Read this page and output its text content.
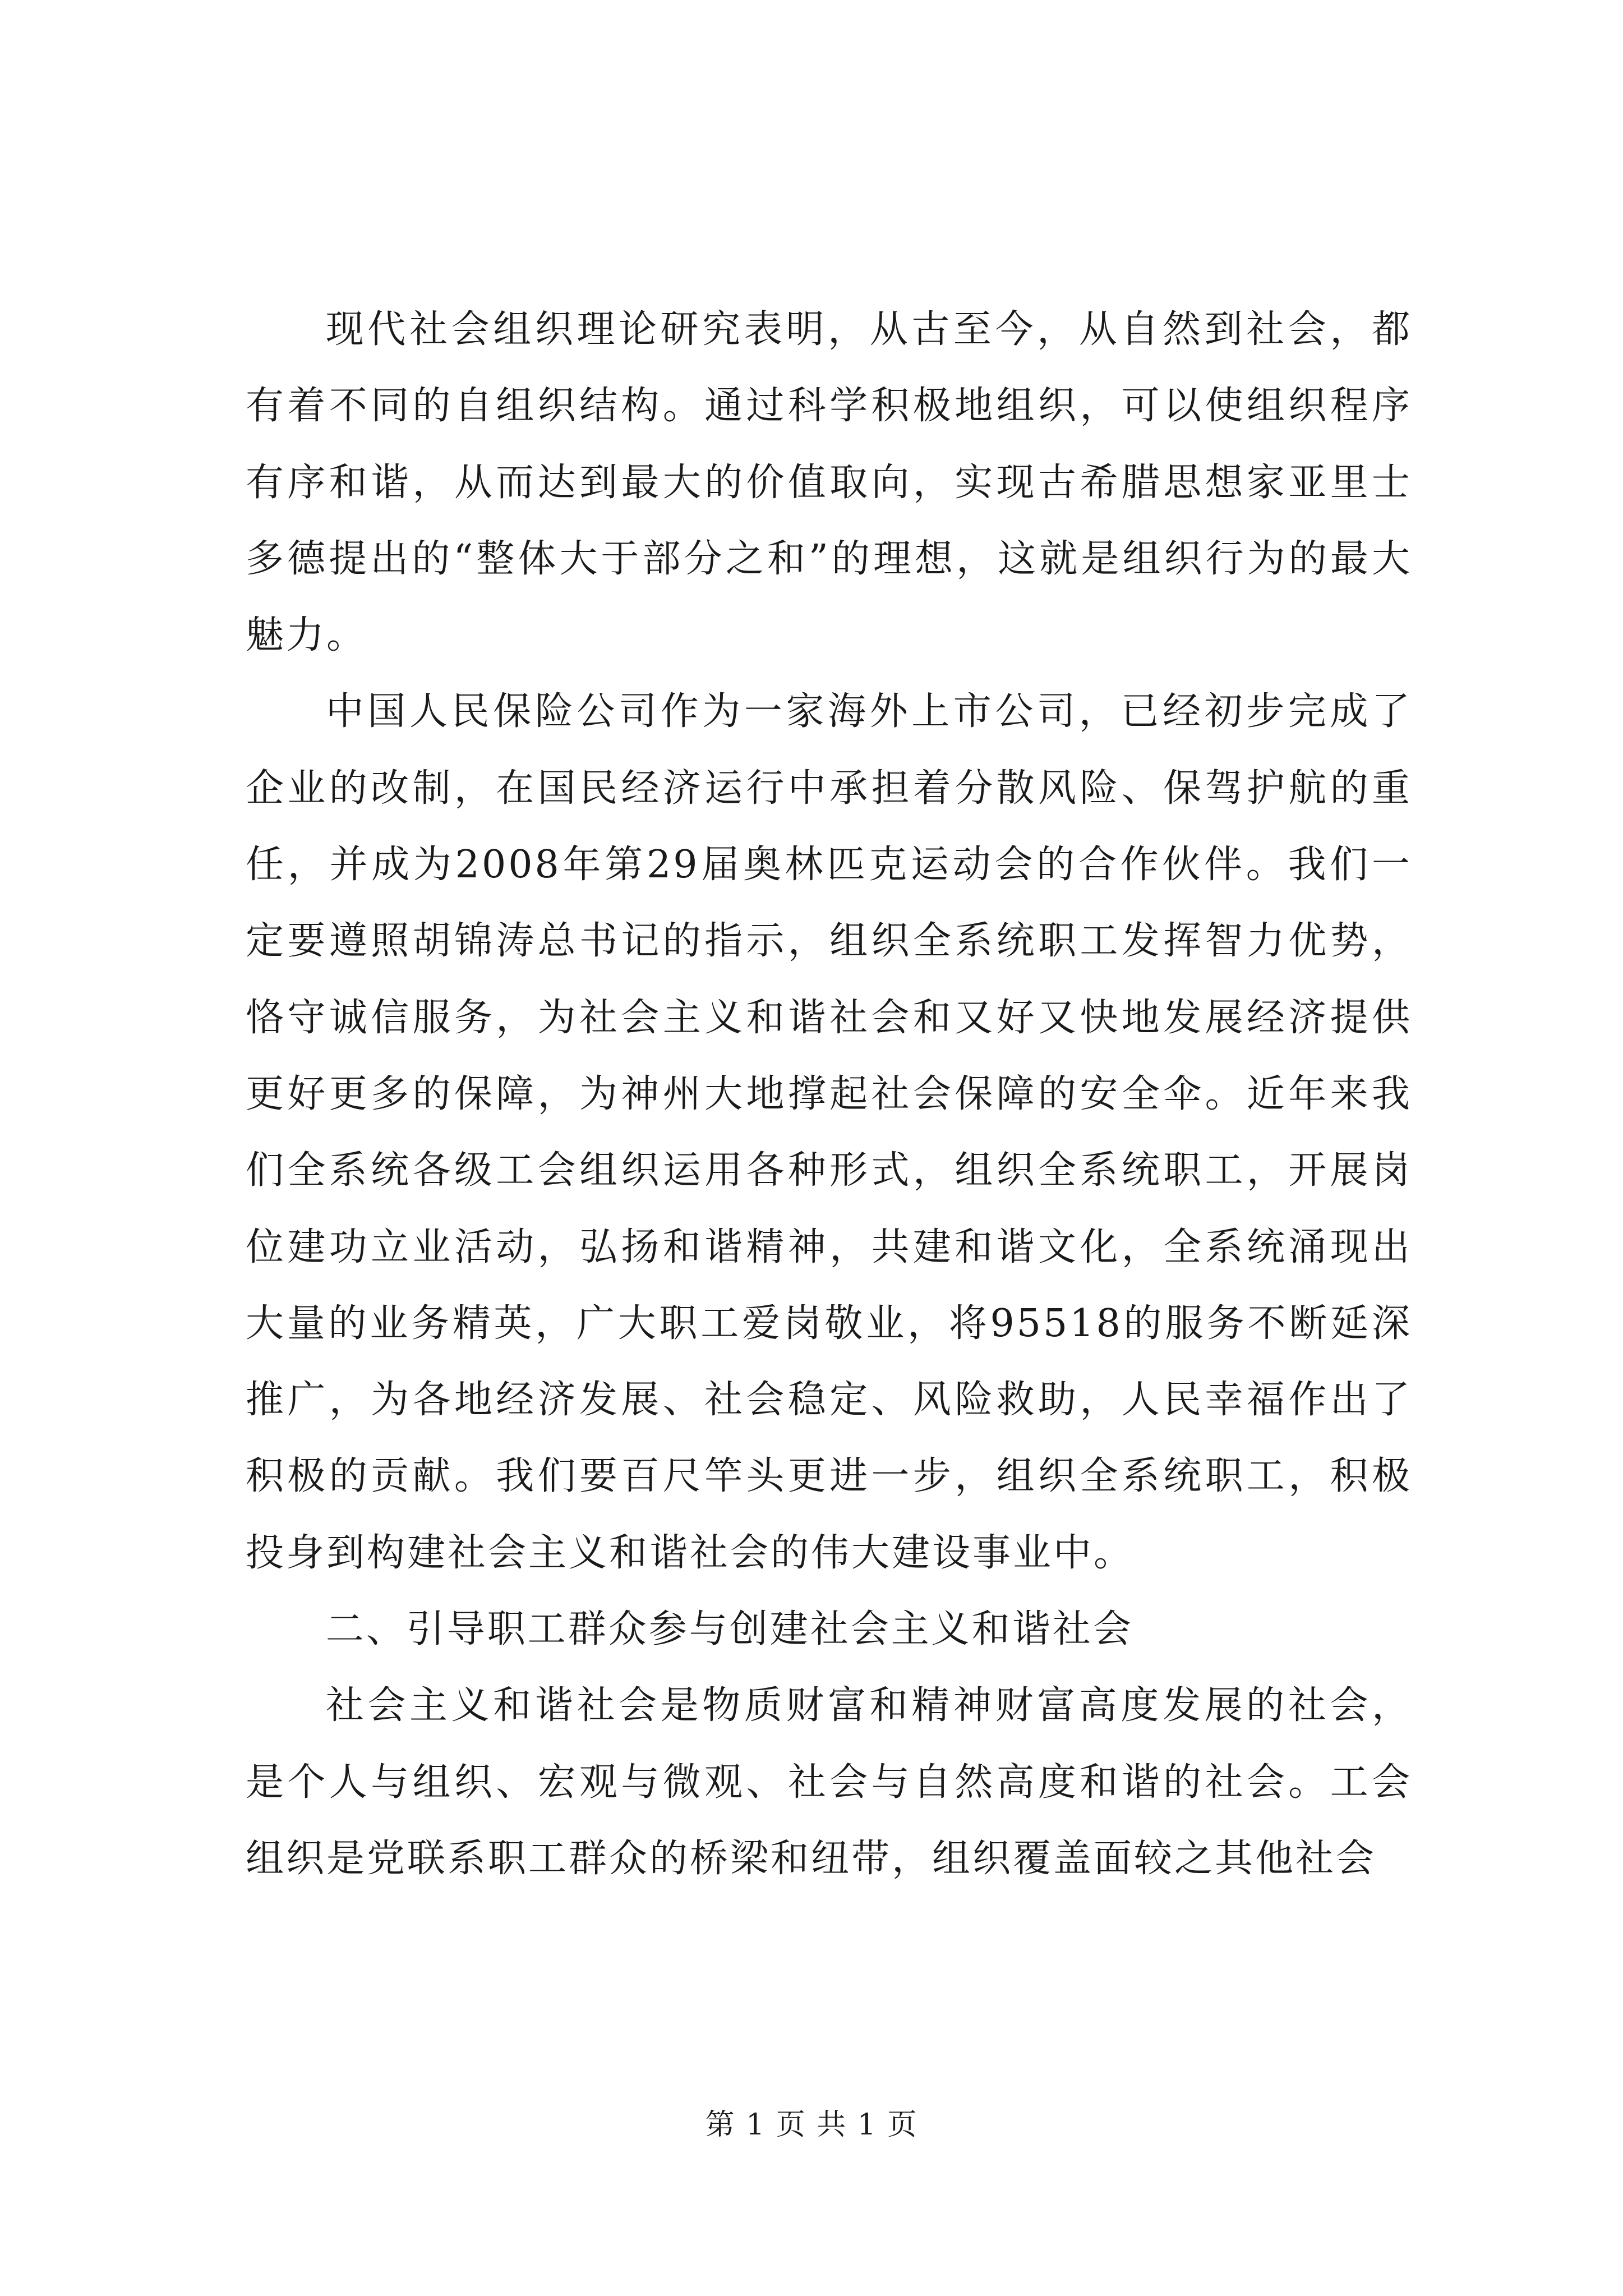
现代社会组织理论研究表明，从古至今，从自然到社会，都有着不同的自组织结构。通过科学积极地组织，可以使组织程序有序和谐，从而达到最大的价值取向，实现古希腊思想家亚里士多德提出的“整体大于部分之和”的理想，这就是组织行为的最大魅力。

中国人民保险公司作为一家海外上市公司，已经初步完成了企业的改制，在国民经济运行中承担着分散风险、保驾护航的重任，并成为2008年第29届奥林匹克运动会的合作伙伴。我们一定要遵照胡锦涛总书记的指示，组织全系统职工发挥智力优势，恪守诚信服务，为社会主义和谐社会和又好又快地发展经济提供更好更多的保障，为神州大地撑起社会保障的安全伞。近年来我们全系统各级工会组织运用各种形式，组织全系统职工，开展岗位建功立业活动，弘扬和谐精神，共建和谐文化，全系统涌现出大量的业务精英，广大职工爱岗敬业，将95518的服务不断延深推广，为各地经济发展、社会稳定、风险救助，人民幸福作出了积极的贡献。我们要百尺竿头更进一步，组织全系统职工，积极投身到构建社会主义和谐社会的伟大建设事业中。

二、引导职工群众参与创建社会主义和谐社会

社会主义和谐社会是物质财富和精神财富高度发展的社会，是个人与组织、宏观与微观、社会与自然高度和谐的社会。工会组织是党联系职工群众的桥梁和纽带，组织覆盖面较之其他社会

第 1 页 共 1 页
